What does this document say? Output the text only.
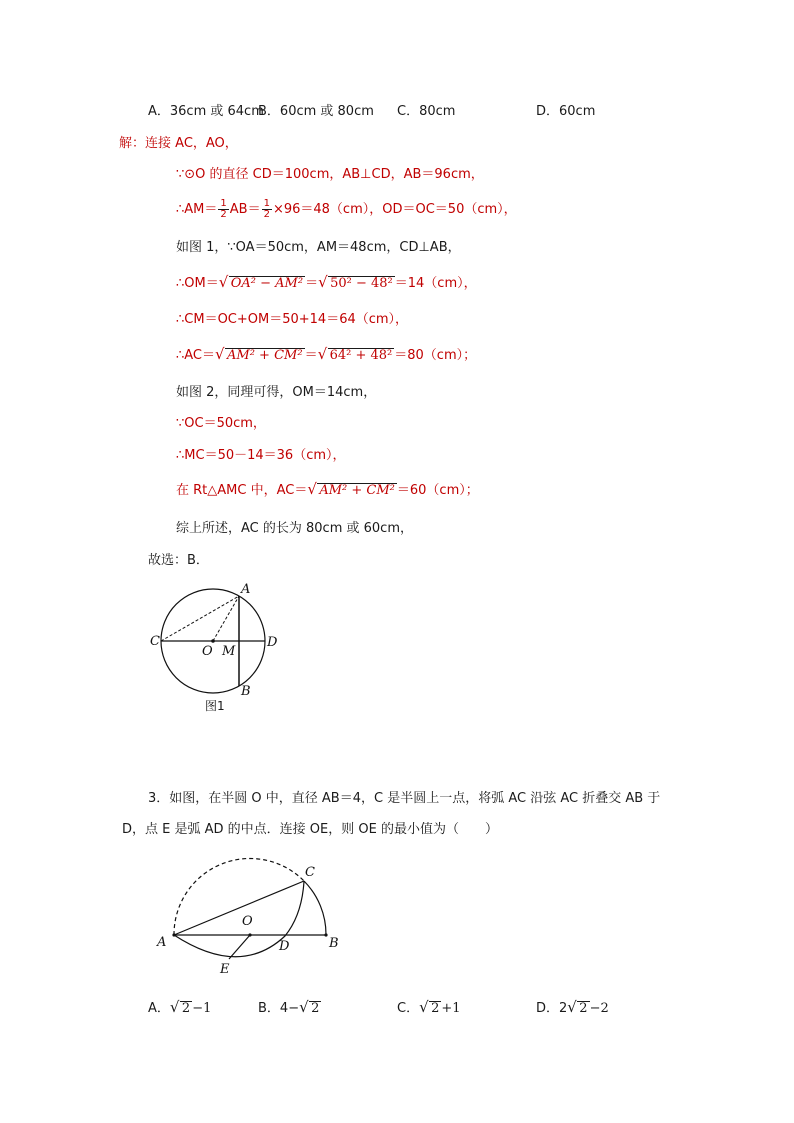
A．36cm 或 64cm
B．60cm 或 80cm C．80cm	D．60cm
解：连接 AC，AO，
∵⊙O 的直径 CD＝100cm，AB⊥CD，AB＝96cm，
∴AM＝ $\frac{1}{2} AB= \frac{1}{2} \times 96=48(cm)$，OD＝OC＝50（cm），
如图 1，∵OA＝50cm，AM＝48cm，CD⊥AB，
∴OM＝ √ OA² − AM² ＝ √ 50² − 48² ＝14（cm），
∴CM＝OC+OM＝50+14＝64（cm），
∴AC＝ √ AM² + CM² ＝ √ 64² + 48² ＝80（cm）；
如图 2，同理可得，OM＝14cm，
∵OC＝50cm，
∴MC＝50－14＝36（cm），
在 Rt△AMC 中，AC＝ √ AM² + CM² ＝60（cm）；
综上所述，AC 的长为 80cm 或 60cm，
故选：B．
A
B
C	D
O M
图1
3．如图，在半圆 O 中，直径 AB＝4，C 是半圆上一点，将弧 AC 沿弦 AC 折叠交 AB 于
D，点 E 是弧 AD 的中点．连接 OE，则 OE 的最小值为（　　）
C
O
A	B
D
E
A． √ 2 −1	B．4− √ 2	C． √ 2 +1	D．2 √ 2 −2
